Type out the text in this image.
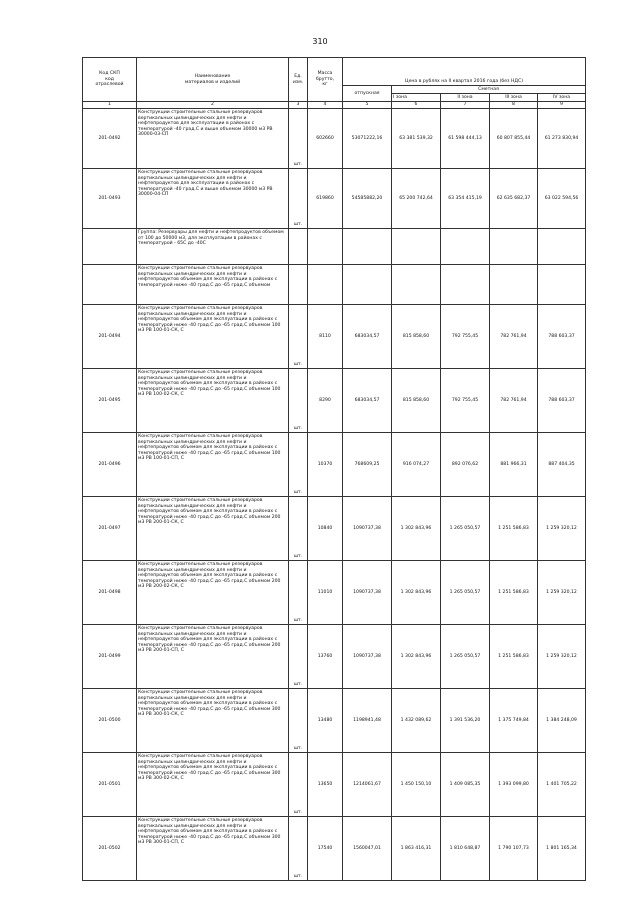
310
Код СКП
код
отраслевой	Наименование
материалов и изделий	Ед.
изм.	Масса
брутто,
кг	Цена в рублях на II квартал 2016 года (без НДС)				
				отпускная	Сметная			
					I зона	II зона	III зона	IV зона
1	2	3	4	5	6	7	8	9
201-0492	Конструкции строительные стальные резервуаров вертикальных цилиндрических для нефти и нефтепродуктов для эксплуатации в районах с температурой -40 град.С и выше объемом 30000 м3 РВ 30000-03-СП	шт.	602660	53071222,16	63 381 539,32	61 598 444,13	60 807 855,44	61 273 830,94
201-0493	Конструкции строительные стальные резервуаров вертикальных цилиндрических для нефти и нефтепродуктов для эксплуатации в районах с температурой -40 град.С и выше объемом 30000 м3 РВ 30000-04-СП	шт.	619860	54585882,20	65 200 742,64	63 354 415,19	62 635 682,37	63 022 594,56
	Группа: Резервуары для нефти и нефтепродуктов объемом от 100 до 50000 м3, для эксплуатации в районах с температурой - 65С до -40С							
	Конструкции строительные стальные резервуаров вертикальных цилиндрических для нефти и нефтепродуктов объемом для эксплуатации в районах с температурой ниже -40 град.С до -65 град.С объемом							
201-0494	Конструкции строительные стальные резервуаров вертикальных цилиндрических для нефти и нефтепродуктов объемом для эксплуатации в районах с температурой ниже -40 град.С до -65 град.С объемом 100 м3 РВ 100-01-СК, С	шт.	8110	683034,57	815 858,60	792 755,45	782 761,94	788 603,37
201-0495	Конструкции строительные стальные резервуаров вертикальных цилиндрических для нефти и нефтепродуктов объемом для эксплуатации в районах с температурой ниже -40 град.С до -65 град.С объемом 100 м3 РВ 100-02-СК, С	шт.	8290	683034,57	815 858,60	792 755,45	782 761,94	788 603,37
201-0496	Конструкции строительные стальные резервуаров вертикальных цилиндрических для нефти и нефтепродуктов объемом для эксплуатации в районах с температурой ниже -40 град.С до -65 град.С объемом 100 м3 РВ 100-01-СП, С	шт.	10370	768609,25	916 074,27	892 076,62	881 966,31	887 404,35
201-0497	Конструкции строительные стальные резервуаров вертикальных цилиндрических для нефти и нефтепродуктов объемом для эксплуатации в районах с температурой ниже -40 град.С до -65 град.С объемом 200 м3 РВ 200-01-СК, С	шт.	10840	1090737,38	1 302 843,96	1 265 050,57	1 251 586,83	1 259 320,12
201-0498	Конструкции строительные стальные резервуаров вертикальных цилиндрических для нефти и нефтепродуктов объемом для эксплуатации в районах с температурой ниже -40 град.С до -65 град.С объемом 200 м3 РВ 200-02-СК, С	шт.	11010	1090737,38	1 302 843,96	1 265 050,57	1 251 586,83	1 259 320,12
201-0499	Конструкции строительные стальные резервуаров вертикальных цилиндрических для нефти и нефтепродуктов объемом для эксплуатации в районах с температурой ниже -40 град.С до -65 град.С объемом 200 м3 РВ 200-01-СП, С	шт.	13760	1090737,38	1 302 843,96	1 265 050,57	1 251 586,83	1 259 320,12
201-0500	Конструкции строительные стальные резервуаров вертикальных цилиндрических для нефти и нефтепродуктов объемом для эксплуатации в районах с температурой ниже -40 град.С до -65 град.С объемом 300 м3 РВ 300-01-СК, С	шт.	13480	1198941,48	1 432 089,62	1 391 536,20	1 375 749,84	1 384 248,09
201-0501	Конструкции строительные стальные резервуаров вертикальных цилиндрических для нефти и нефтепродуктов объемом для эксплуатации в районах с температурой ниже -40 град.С до -65 град.С объемом 300 м3 РВ 300-02-СК, С	шт.	13650	1214061,67	1 450 150,10	1 409 085,35	1 393 099,80	1 401 705,22
201-0502	Конструкции строительные стальные резервуаров вертикальных цилиндрических для нефти и нефтепродуктов объемом для эксплуатации в районах с температурой ниже -40 град.С до -65 град.С объемом 300 м3 РВ 300-01-СП, С	шт.	17540	1560047,01	1 863 416,31	1 810 648,87	1 790 107,73	1 801 165,34
